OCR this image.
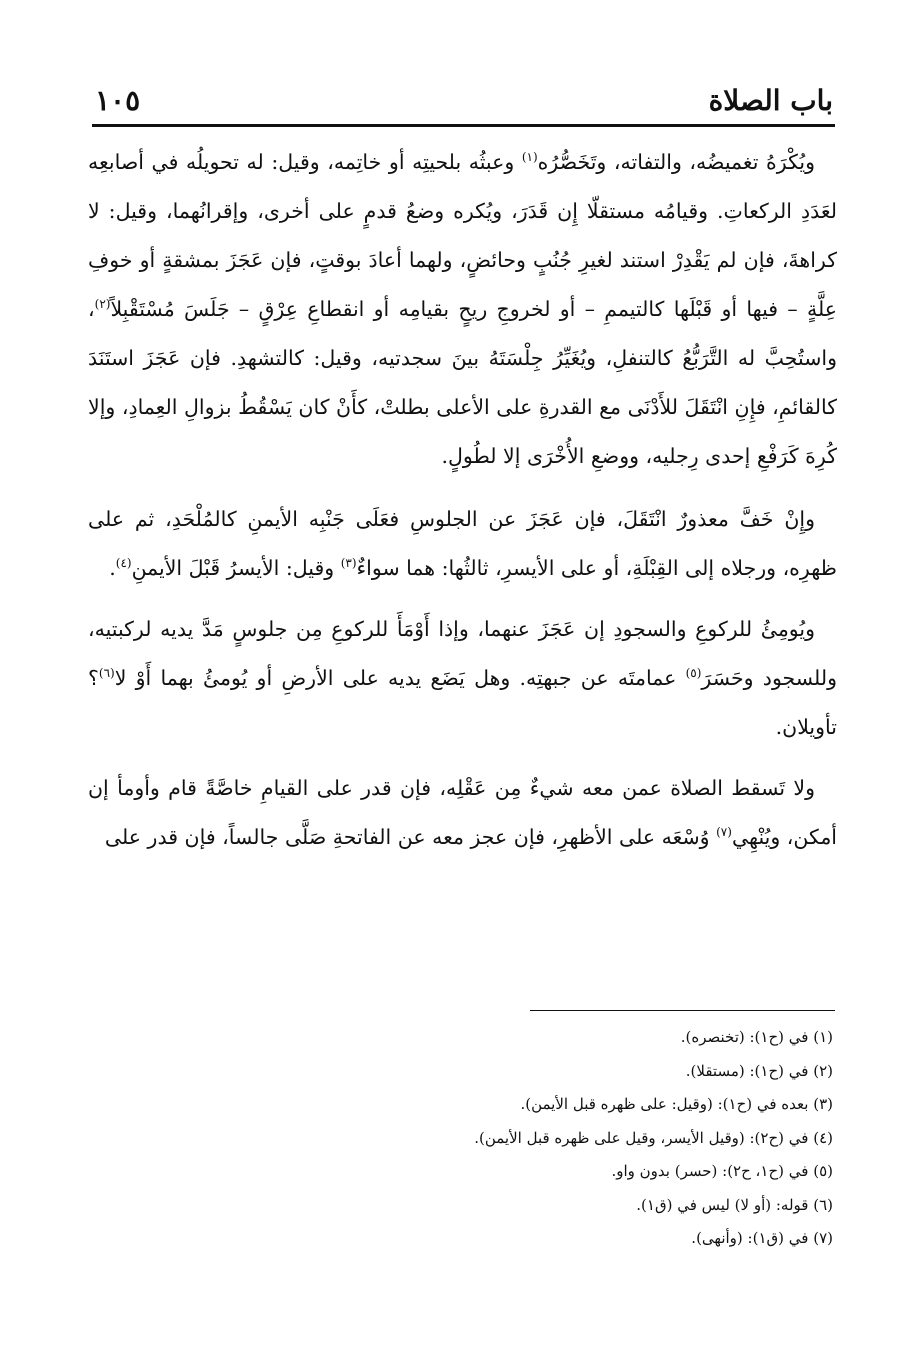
باب الصلاة
١٠٥

ويُكْرَهُ تغميضُه، والتفاته، وتَخَصُّرُه$^{(١)}$ وعبثُه بلحيتِه أو خاتِمه، وقيل: له تحويلُه في أصابعِه لعَدَدِ الركعاتِ. وقيامُه مستقلّا إِن قَدَرَ، ويُكره وضعُ قدمٍ على أخرى، وإقرانُهما، وقيل: لا كراهةَ، فإن لم يَقْدِرْ استند لغيرِ جُنُبٍ وحائضٍ، ولهما أعادَ بوقتٍ، فإن عَجَزَ بمشقةٍ أو خوفِ عِلَّةٍ – فيها أو قَبْلَها كالتيممِ – أو لخروجِ ريحٍ بقيامِه أو انقطاعِ عِرْقٍ – جَلَسَ مُسْتَقْبِلاً$^{(٢)}$، واستُحِبَّ له التَّرَبُّعُ كالتنفلِ، ويُغَيِّرُ جِلْسَتَهُ بينَ سجدتيه، وقيل: كالتشهدِ. فإن عَجَزَ استَنَدَ كالقائمِ، فإِنِ انْتَقَلَ للأَدْنَى مع القدرةِ على الأعلى بطلتْ، كأَنْ كان يَسْقُطُ بزوالِ العِمادِ، وإلا كُرِهَ كَرَفْعِ إحدى رِجليه، ووضعِ الأُخْرَى إلا لطُولٍ.

وإِنْ خَفَّ معذورٌ انْتَقَلَ، فإن عَجَزَ عن الجلوسِ فعَلَى جَنْبِه الأيمنِ كالمُلْحَدِ، ثم على ظهرِه، ورجلاه إلى القِبْلَةِ، أو على الأيسرِ، ثالثُها: هما سواءٌ$^{(٣)}$ وقيل: الأيسرُ قَبْلَ الأيمنِ$^{(٤)}$.

ويُومِئُ للركوعِ والسجودِ إن عَجَزَ عنهما، وإذا أَوْمَأَ للركوعِ مِن جلوسٍ مَدَّ يديه لركبتيه، وللسجود وحَسَرَ$^{(٥)}$ عمامتَه عن جبهتِه. وهل يَضَع يديه على الأرضِ أو يُومئُ بهما أَوْ لا$^{(٦)}$؟ تأويلان.

ولا تَسقط الصلاة عمن معه شيءٌ مِن عَقْلِه، فإن قدر على القيامِ خاصَّةً قام وأومأ إن أمكن، ويُنْهِي$^{(٧)}$ وُسْعَه على الأظهرِ، فإن عجز معه عن الفاتحةِ صَلَّى جالساً، فإن قدر على

(١) في (ح١): (تخنصره).
(٢) في (ح١): (مستقلا).
(٣) بعده في (ح١): (وقيل: على ظهره قبل الأيمن).
(٤) في (ح٢): (وقيل الأيسر، وقيل على ظهره قبل الأيمن).
(٥) في (ح١، ح٢): (حسر) بدون واو.
(٦) قوله: (أو لا) ليس في (ق١).
(٧) في (ق١): (وأنهى).
